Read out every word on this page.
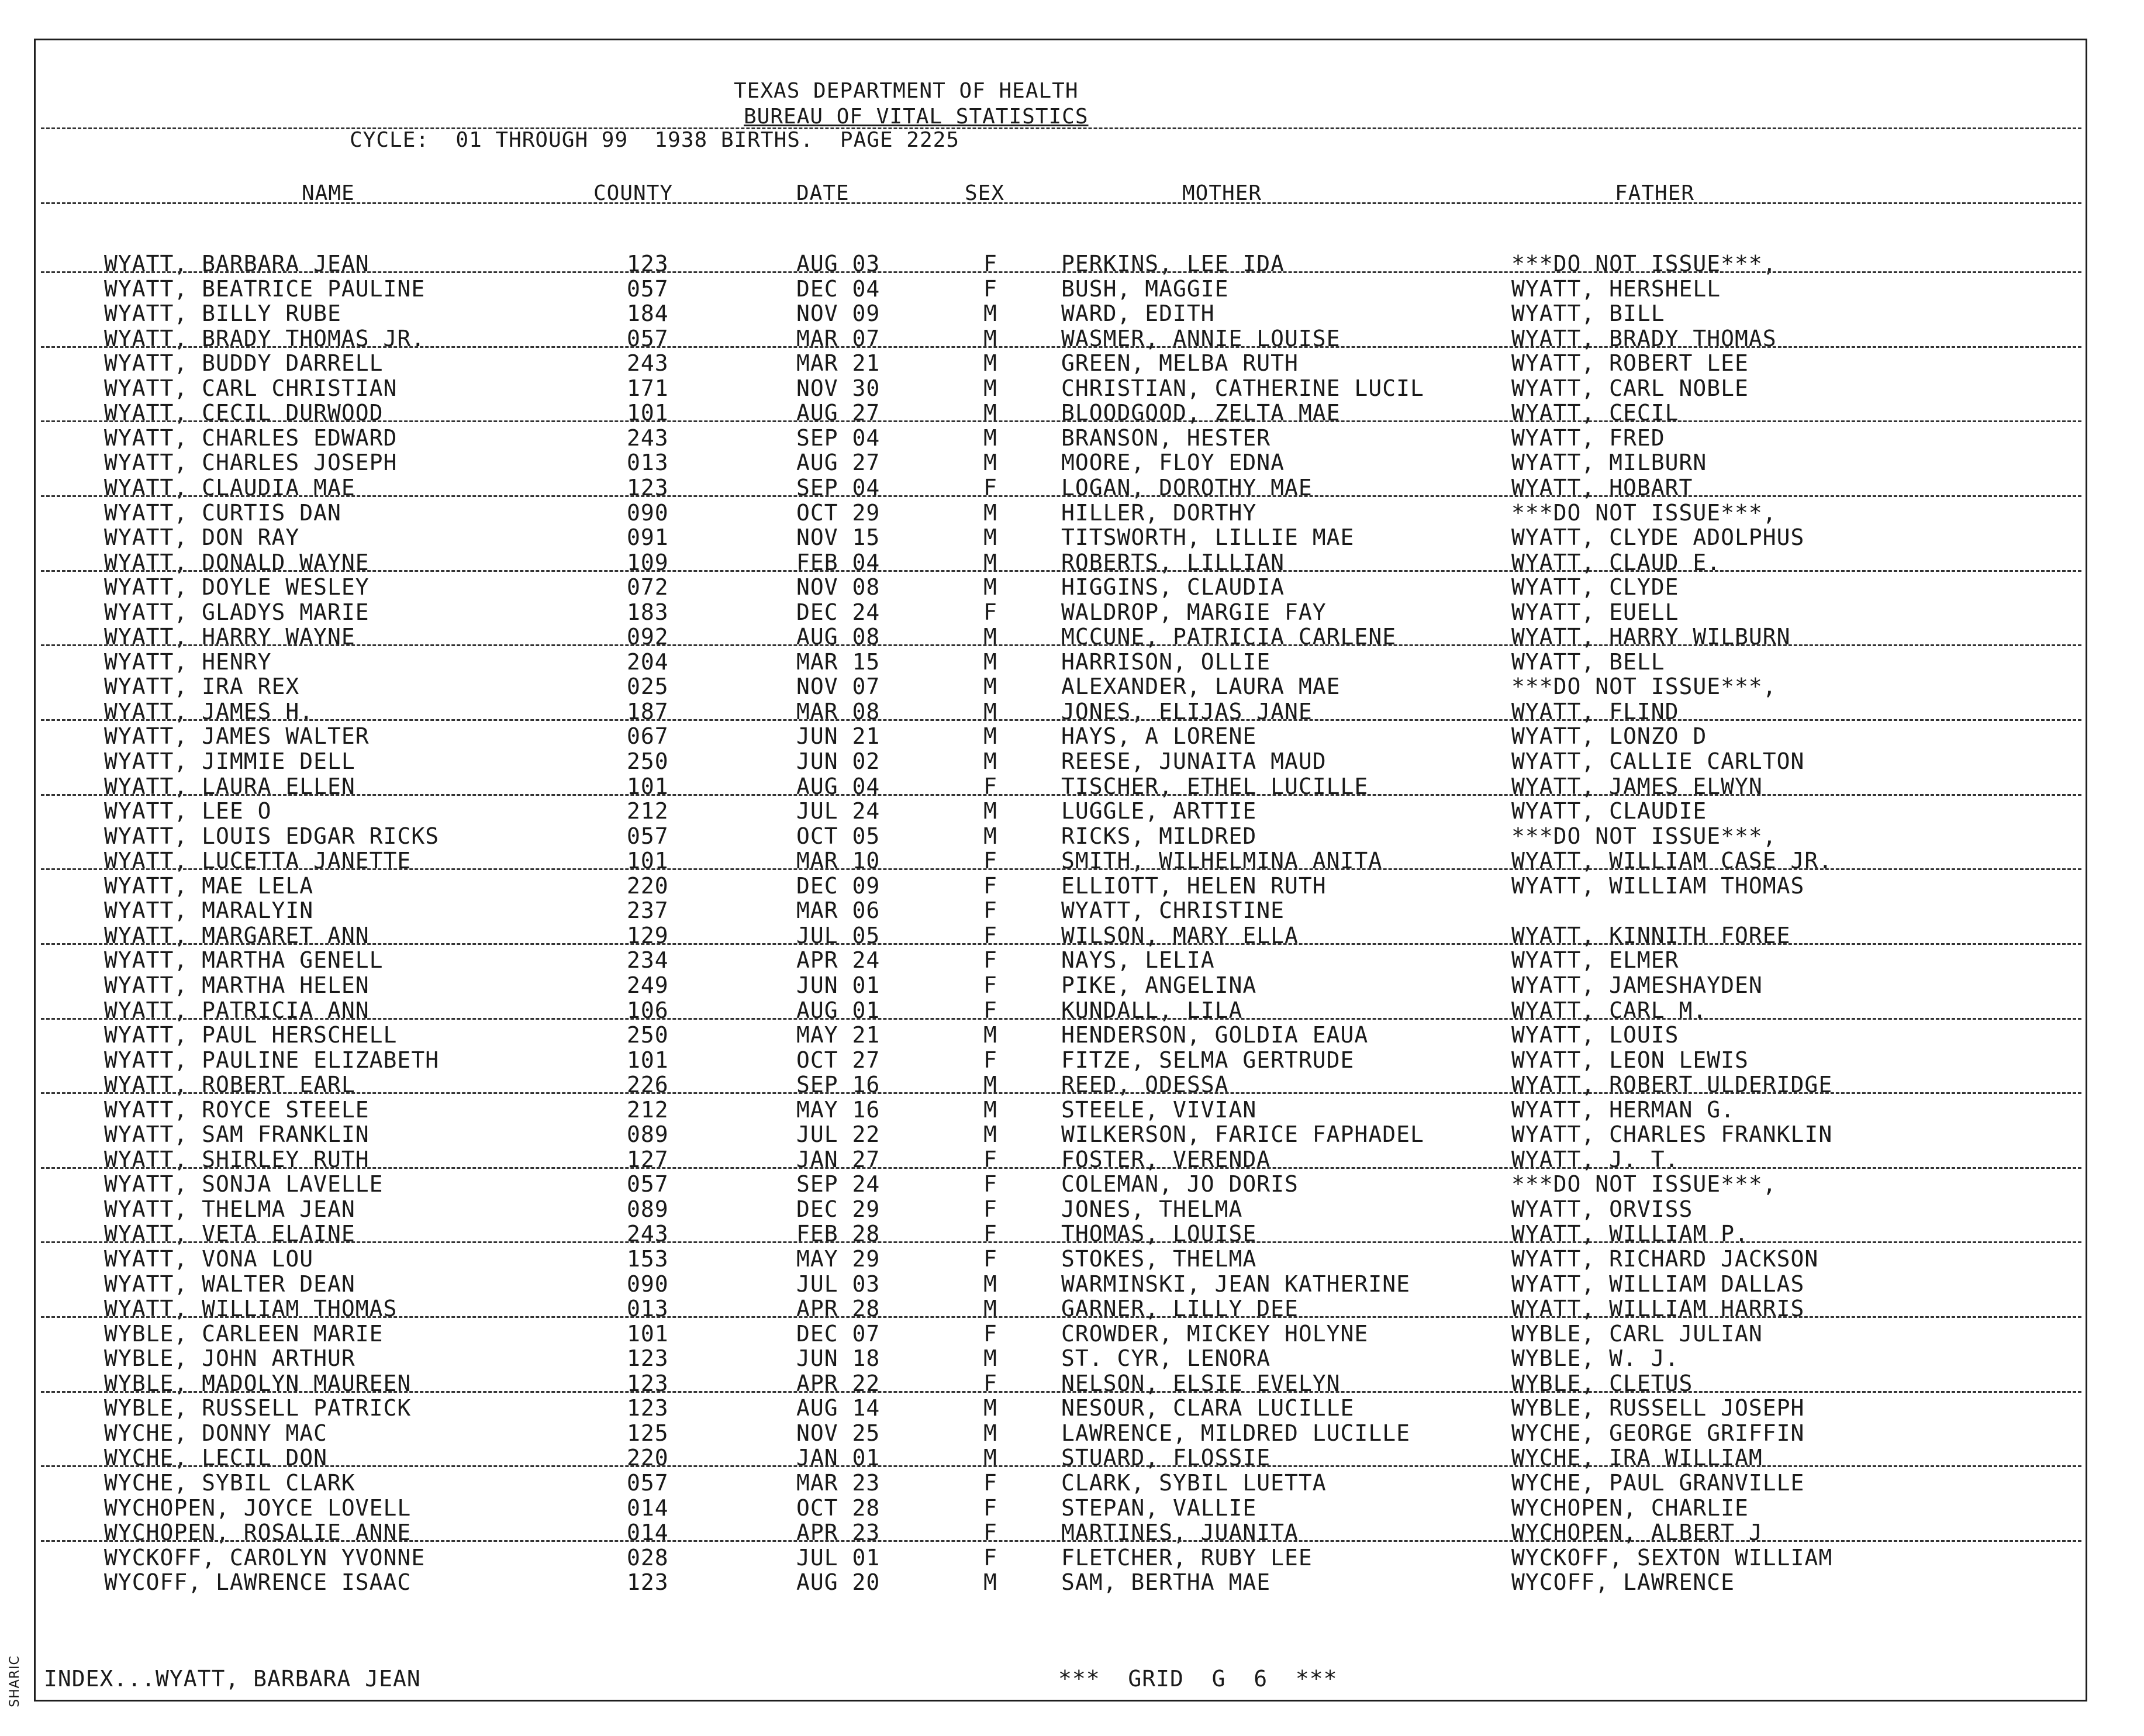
SHARIC
TEXAS DEPARTMENT OF HEALTH
BUREAU OF VITAL STATISTICS
CYCLE:  01 THROUGH 99  1938 BIRTHS.  PAGE 2225
NAME	COUNTY	DATE	SEX	MOTHER	FATHER
WYATT, BARBARA JEAN	123	AUG 03	F	PERKINS, LEE IDA	***DO NOT ISSUE***,
WYATT, BEATRICE PAULINE	057	DEC 04	F	BUSH, MAGGIE	WYATT, HERSHELL
WYATT, BILLY RUBE	184	NOV 09	M	WARD, EDITH	WYATT, BILL
WYATT, BRADY THOMAS JR.	057	MAR 07	M	WASMER, ANNIE LOUISE	WYATT, BRADY THOMAS
WYATT, BUDDY DARRELL	243	MAR 21	M	GREEN, MELBA RUTH	WYATT, ROBERT LEE
WYATT, CARL CHRISTIAN	171	NOV 30	M	CHRISTIAN, CATHERINE LUCIL	WYATT, CARL NOBLE
WYATT, CECIL DURWOOD	101	AUG 27	M	BLOODGOOD, ZELTA MAE	WYATT, CECIL
WYATT, CHARLES EDWARD	243	SEP 04	M	BRANSON, HESTER	WYATT, FRED
WYATT, CHARLES JOSEPH	013	AUG 27	M	MOORE, FLOY EDNA	WYATT, MILBURN
WYATT, CLAUDIA MAE	123	SEP 04	F	LOGAN, DOROTHY MAE	WYATT, HOBART
WYATT, CURTIS DAN	090	OCT 29	M	HILLER, DORTHY	***DO NOT ISSUE***,
WYATT, DON RAY	091	NOV 15	M	TITSWORTH, LILLIE MAE	WYATT, CLYDE ADOLPHUS
WYATT, DONALD WAYNE	109	FEB 04	M	ROBERTS, LILLIAN	WYATT, CLAUD E.
WYATT, DOYLE WESLEY	072	NOV 08	M	HIGGINS, CLAUDIA	WYATT, CLYDE
WYATT, GLADYS MARIE	183	DEC 24	F	WALDROP, MARGIE FAY	WYATT, EUELL
WYATT, HARRY WAYNE	092	AUG 08	M	MCCUNE, PATRICIA CARLENE	WYATT, HARRY WILBURN
WYATT, HENRY	204	MAR 15	M	HARRISON, OLLIE	WYATT, BELL
WYATT, IRA REX	025	NOV 07	M	ALEXANDER, LAURA MAE	***DO NOT ISSUE***,
WYATT, JAMES H.	187	MAR 08	M	JONES, ELIJAS JANE	WYATT, FLIND
WYATT, JAMES WALTER	067	JUN 21	M	HAYS, A LORENE	WYATT, LONZO D
WYATT, JIMMIE DELL	250	JUN 02	M	REESE, JUNAITA MAUD	WYATT, CALLIE CARLTON
WYATT, LAURA ELLEN	101	AUG 04	F	TISCHER, ETHEL LUCILLE	WYATT, JAMES ELWYN
WYATT, LEE O	212	JUL 24	M	LUGGLE, ARTTIE	WYATT, CLAUDIE
WYATT, LOUIS EDGAR RICKS	057	OCT 05	M	RICKS, MILDRED	***DO NOT ISSUE***,
WYATT, LUCETTA JANETTE	101	MAR 10	F	SMITH, WILHELMINA ANITA	WYATT, WILLIAM CASE JR.
WYATT, MAE LELA	220	DEC 09	F	ELLIOTT, HELEN RUTH	WYATT, WILLIAM THOMAS
WYATT, MARALYIN	237	MAR 06	F	WYATT, CHRISTINE
WYATT, MARGARET ANN	129	JUL 05	F	WILSON, MARY ELLA	WYATT, KINNITH FOREE
WYATT, MARTHA GENELL	234	APR 24	F	NAYS, LELIA	WYATT, ELMER
WYATT, MARTHA HELEN	249	JUN 01	F	PIKE, ANGELINA	WYATT, JAMESHAYDEN
WYATT, PATRICIA ANN	106	AUG 01	F	KUNDALL, LILA	WYATT, CARL M.
WYATT, PAUL HERSCHELL	250	MAY 21	M	HENDERSON, GOLDIA EAUA	WYATT, LOUIS
WYATT, PAULINE ELIZABETH	101	OCT 27	F	FITZE, SELMA GERTRUDE	WYATT, LEON LEWIS
WYATT, ROBERT EARL	226	SEP 16	M	REED, ODESSA	WYATT, ROBERT ULDERIDGE
WYATT, ROYCE STEELE	212	MAY 16	M	STEELE, VIVIAN	WYATT, HERMAN G.
WYATT, SAM FRANKLIN	089	JUL 22	M	WILKERSON, FARICE FAPHADEL	WYATT, CHARLES FRANKLIN
WYATT, SHIRLEY RUTH	127	JAN 27	F	FOSTER, VERENDA	WYATT, J. T.
WYATT, SONJA LAVELLE	057	SEP 24	F	COLEMAN, JO DORIS	***DO NOT ISSUE***,
WYATT, THELMA JEAN	089	DEC 29	F	JONES, THELMA	WYATT, ORVISS
WYATT, VETA ELAINE	243	FEB 28	F	THOMAS, LOUISE	WYATT, WILLIAM P.
WYATT, VONA LOU	153	MAY 29	F	STOKES, THELMA	WYATT, RICHARD JACKSON
WYATT, WALTER DEAN	090	JUL 03	M	WARMINSKI, JEAN KATHERINE	WYATT, WILLIAM DALLAS
WYATT, WILLIAM THOMAS	013	APR 28	M	GARNER, LILLY DEE	WYATT, WILLIAM HARRIS
WYBLE, CARLEEN MARIE	101	DEC 07	F	CROWDER, MICKEY HOLYNE	WYBLE, CARL JULIAN
WYBLE, JOHN ARTHUR	123	JUN 18	M	ST. CYR, LENORA	WYBLE, W. J.
WYBLE, MADOLYN MAUREEN	123	APR 22	F	NELSON, ELSIE EVELYN	WYBLE, CLETUS
WYBLE, RUSSELL PATRICK	123	AUG 14	M	NESOUR, CLARA LUCILLE	WYBLE, RUSSELL JOSEPH
WYCHE, DONNY MAC	125	NOV 25	M	LAWRENCE, MILDRED LUCILLE	WYCHE, GEORGE GRIFFIN
WYCHE, LECIL DON	220	JAN 01	M	STUARD, FLOSSIE	WYCHE, IRA WILLIAM
WYCHE, SYBIL CLARK	057	MAR 23	F	CLARK, SYBIL LUETTA	WYCHE, PAUL GRANVILLE
WYCHOPEN, JOYCE LOVELL	014	OCT 28	F	STEPAN, VALLIE	WYCHOPEN, CHARLIE
WYCHOPEN, ROSALIE ANNE	014	APR 23	F	MARTINES, JUANITA	WYCHOPEN, ALBERT J
WYCKOFF, CAROLYN YVONNE	028	JUL 01	F	FLETCHER, RUBY LEE	WYCKOFF, SEXTON WILLIAM
WYCOFF, LAWRENCE ISAAC	123	AUG 20	M	SAM, BERTHA MAE	WYCOFF, LAWRENCE
INDEX...WYATT, BARBARA JEAN	***  GRID  G  6  ***
